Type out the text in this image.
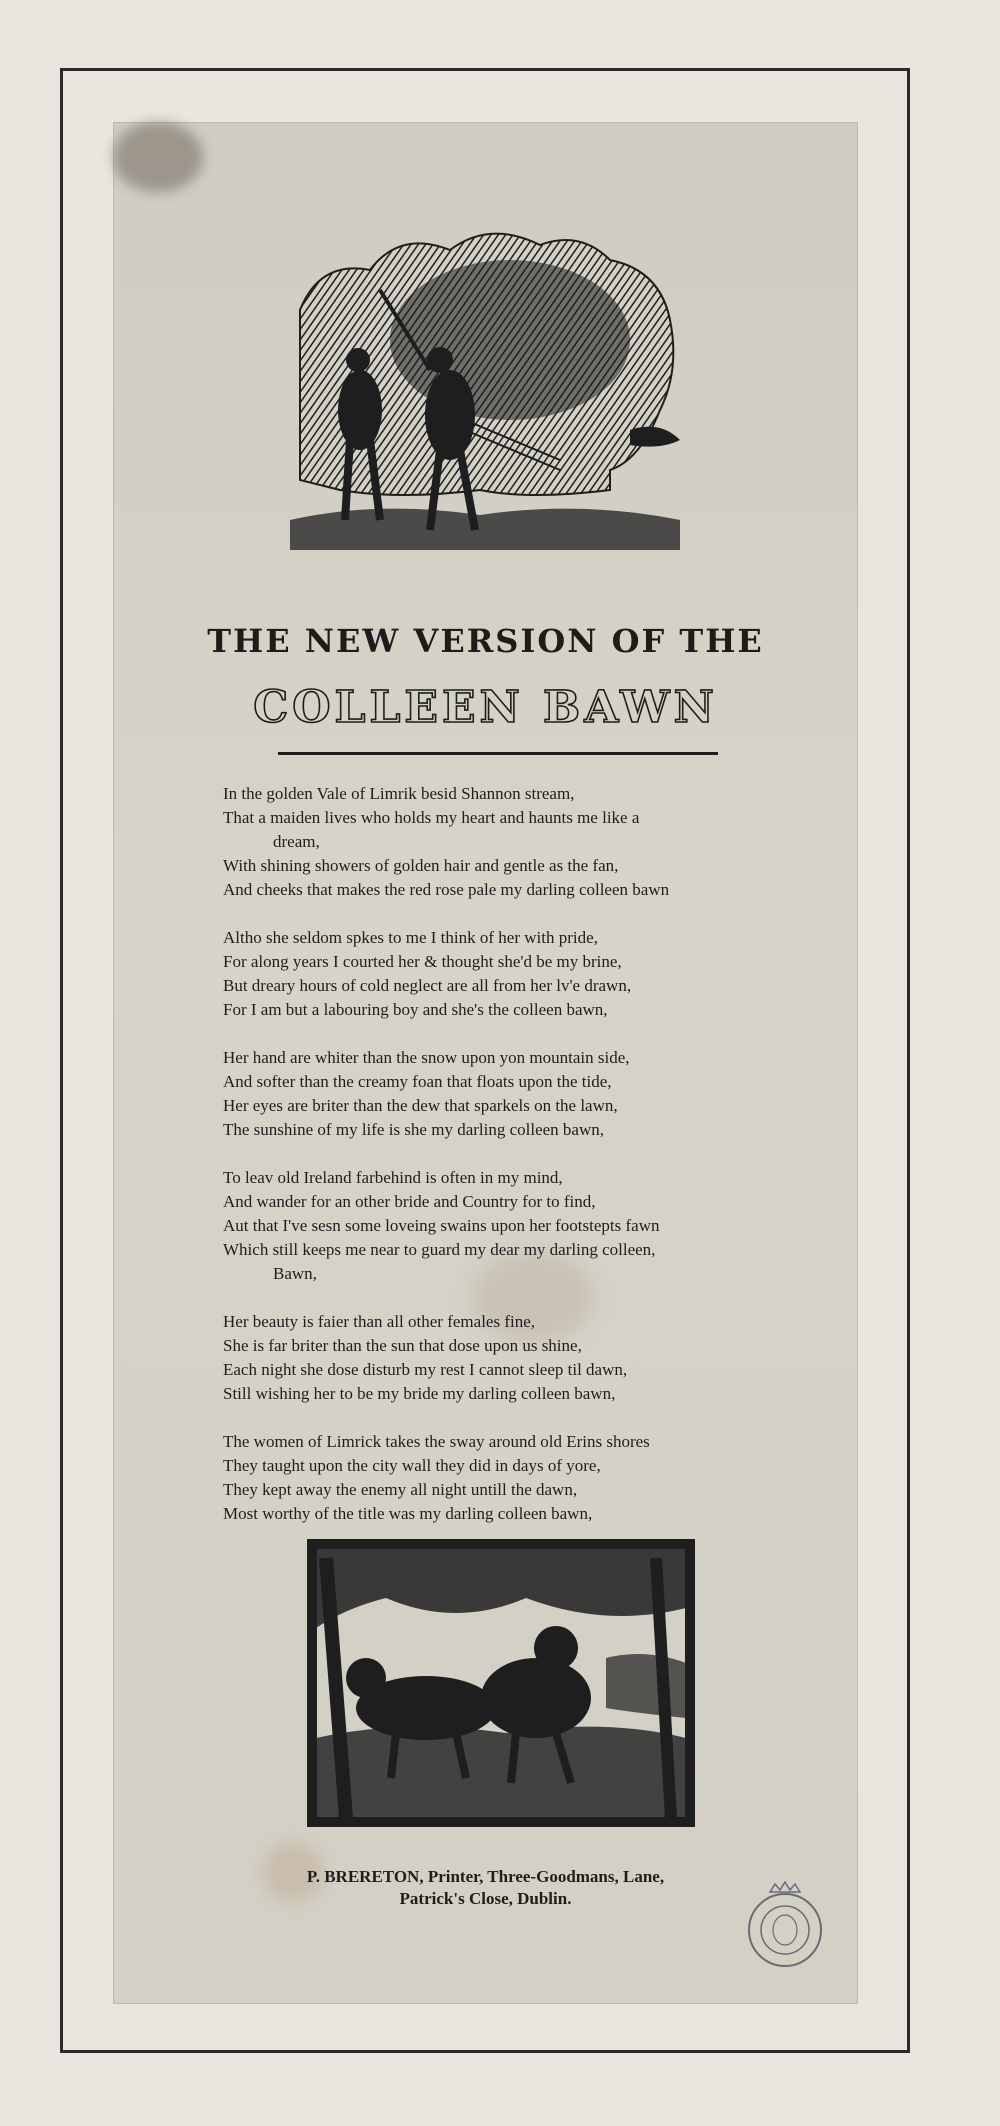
THE NEW VERSION OF THE
COLLEEN BAWN
In the golden Vale of Limrik besid Shannon stream,
That a maiden lives who holds my heart and haunts me like a
dream,
With shining showers of golden hair and gentle as the fan,
And cheeks that makes the red rose pale my darling colleen bawn
Altho she seldom spkes to me I think of her with pride,
For along years I courted her & thought she'd be my brine,
But dreary hours of cold neglect are all from her lv'e drawn,
For I am but a labouring boy and she's the colleen bawn,
Her hand are whiter than the snow upon yon mountain side,
And softer than the creamy foan that floats upon the tide,
Her eyes are briter than the dew that sparkels on the lawn,
The sunshine of my life is she my darling colleen bawn,
To leav old Ireland farbehind is often in my mind,
And wander for an other bride and Country for to find,
Aut that I've sesn some loveing swains upon her footstepts fawn
Which still keeps me near to guard my dear my darling colleen,
Bawn,
Her beauty is faier than all other females fine,
She is far briter than the sun that dose upon us shine,
Each night she dose disturb my rest I cannot sleep til dawn,
Still wishing her to be my bride my darling colleen bawn,
The women of Limrick takes the sway around old Erins shores
They taught upon the city wall they did in days of yore,
They kept away the enemy all night untill the dawn,
Most worthy of the title was my darling colleen bawn,
P. BRERETON, Printer, Three-Goodmans, Lane,
Patrick's Close, Dublin.
